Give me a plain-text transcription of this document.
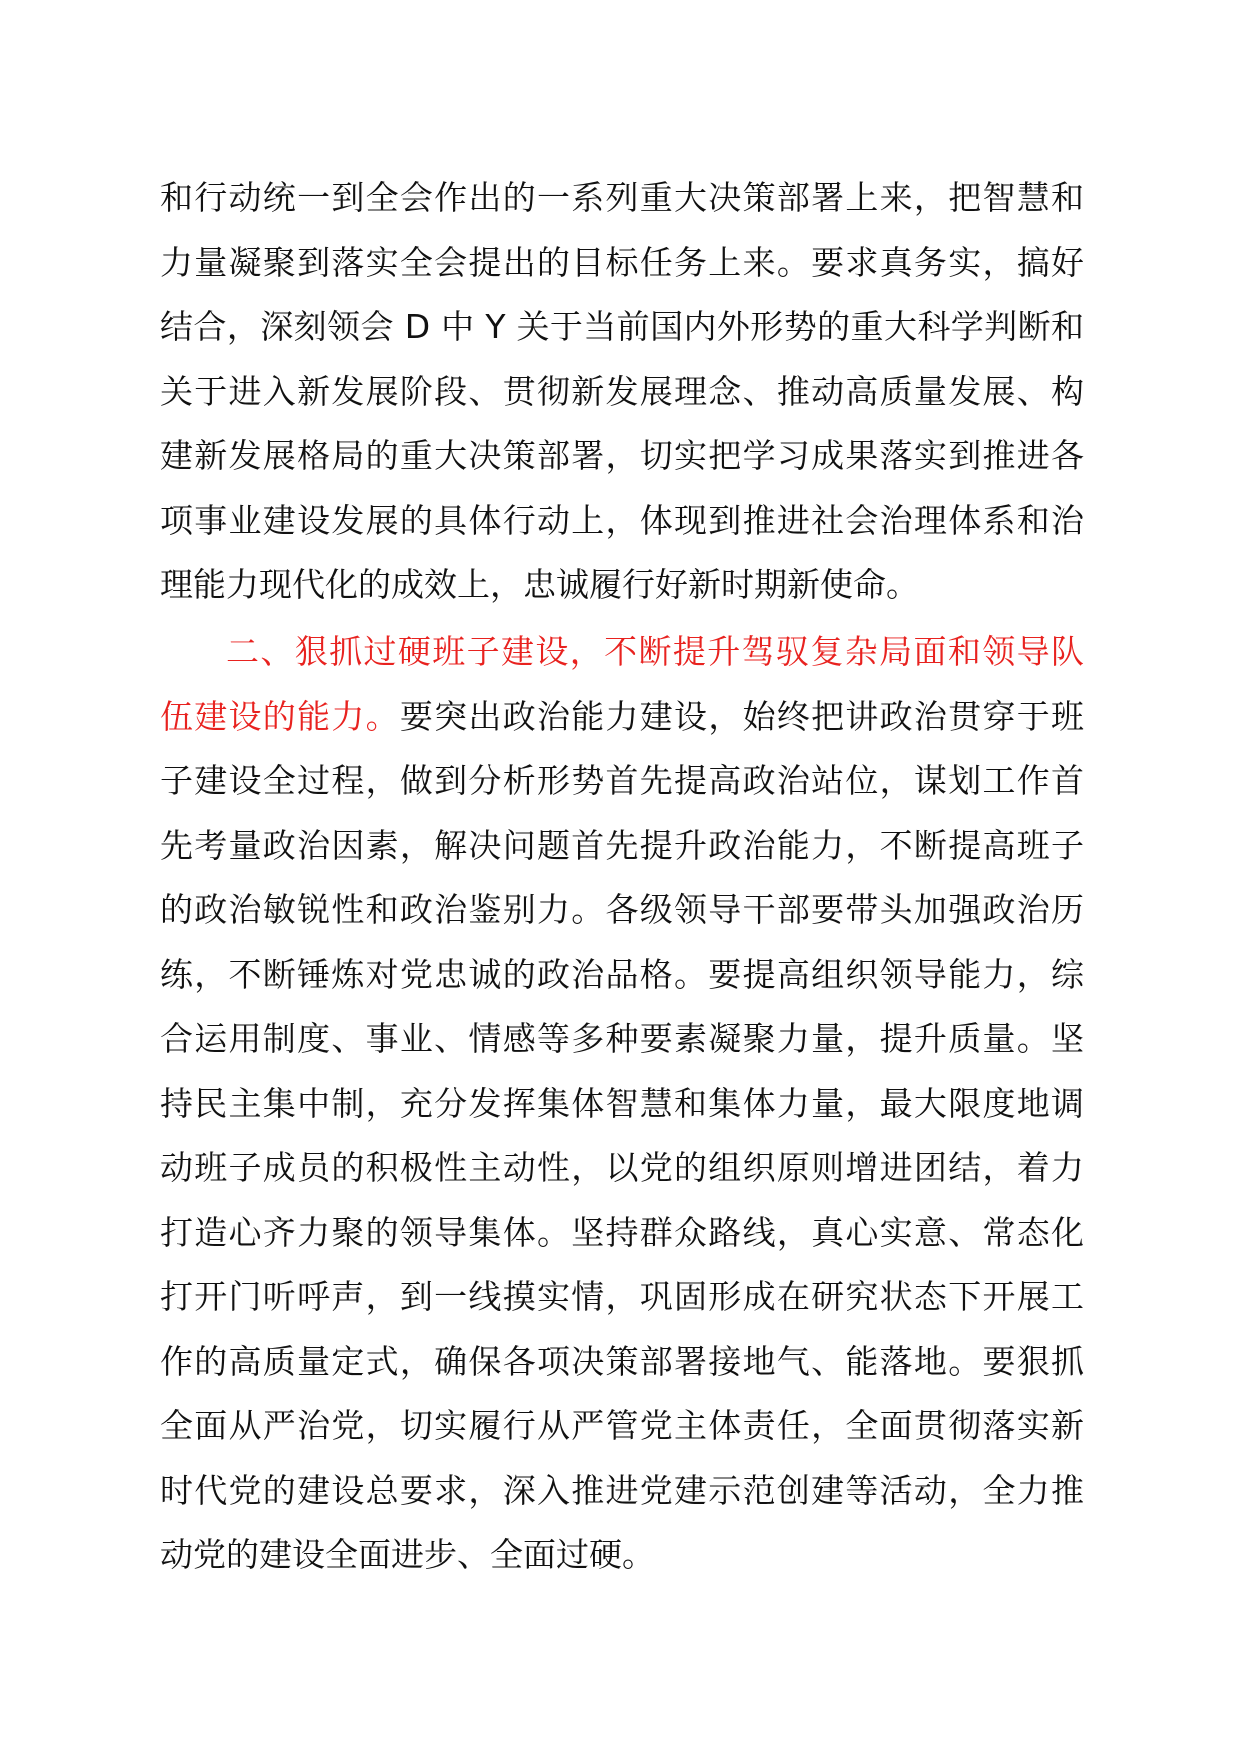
和行动统一到全会作出的一系列重大决策部署上来，把智慧和
力量凝聚到落实全会提出的目标任务上来。要求真务实，搞好
结合，深刻领会 D 中 Y 关于当前国内外形势的重大科学判断和
关于进入新发展阶段、贯彻新发展理念、推动高质量发展、构
建新发展格局的重大决策部署，切实把学习成果落实到推进各
项事业建设发展的具体行动上，体现到推进社会治理体系和治
理能力现代化的成效上，忠诚履行好新时期新使命。
二、狠抓过硬班子建设，不断提升驾驭复杂局面和领导队
伍建设的能力。要突出政治能力建设，始终把讲政治贯穿于班
子建设全过程，做到分析形势首先提高政治站位，谋划工作首
先考量政治因素，解决问题首先提升政治能力，不断提高班子
的政治敏锐性和政治鉴别力。各级领导干部要带头加强政治历
练，不断锤炼对党忠诚的政治品格。要提高组织领导能力，综
合运用制度、事业、情感等多种要素凝聚力量，提升质量。坚
持民主集中制，充分发挥集体智慧和集体力量，最大限度地调
动班子成员的积极性主动性，以党的组织原则增进团结，着力
打造心齐力聚的领导集体。坚持群众路线，真心实意、常态化
打开门听呼声，到一线摸实情，巩固形成在研究状态下开展工
作的高质量定式，确保各项决策部署接地气、能落地。要狠抓
全面从严治党，切实履行从严管党主体责任，全面贯彻落实新
时代党的建设总要求，深入推进党建示范创建等活动，全力推
动党的建设全面进步、全面过硬。
